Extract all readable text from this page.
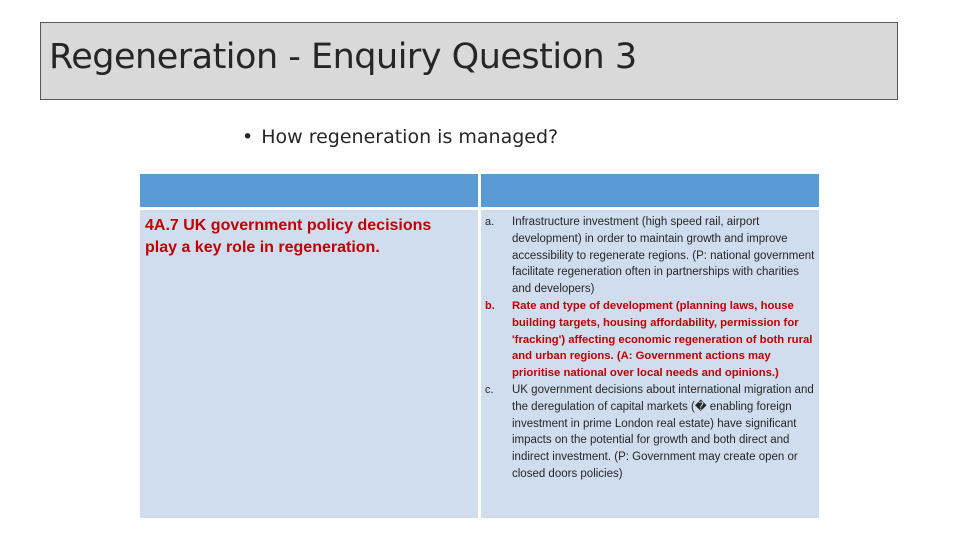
Regeneration - Enquiry Question 3
• How regeneration is managed?
4A.7 UK government policy decisions play a key role in regeneration.
a. Infrastructure investment (high speed rail, airport development) in order to maintain growth and improve accessibility to regenerate regions. (P: national government facilitate regeneration often in partnerships with charities and developers)
b. Rate and type of development (planning laws, house building targets, housing affordability, permission for 'fracking') affecting economic regeneration of both rural and urban regions. (A: Government actions may prioritise national over local needs and opinions.)
c. UK government decisions about international migration and the deregulation of capital markets (� enabling foreign investment in prime London real estate) have significant impacts on the potential for growth and both direct and indirect investment. (P: Government may create open or closed doors policies)
